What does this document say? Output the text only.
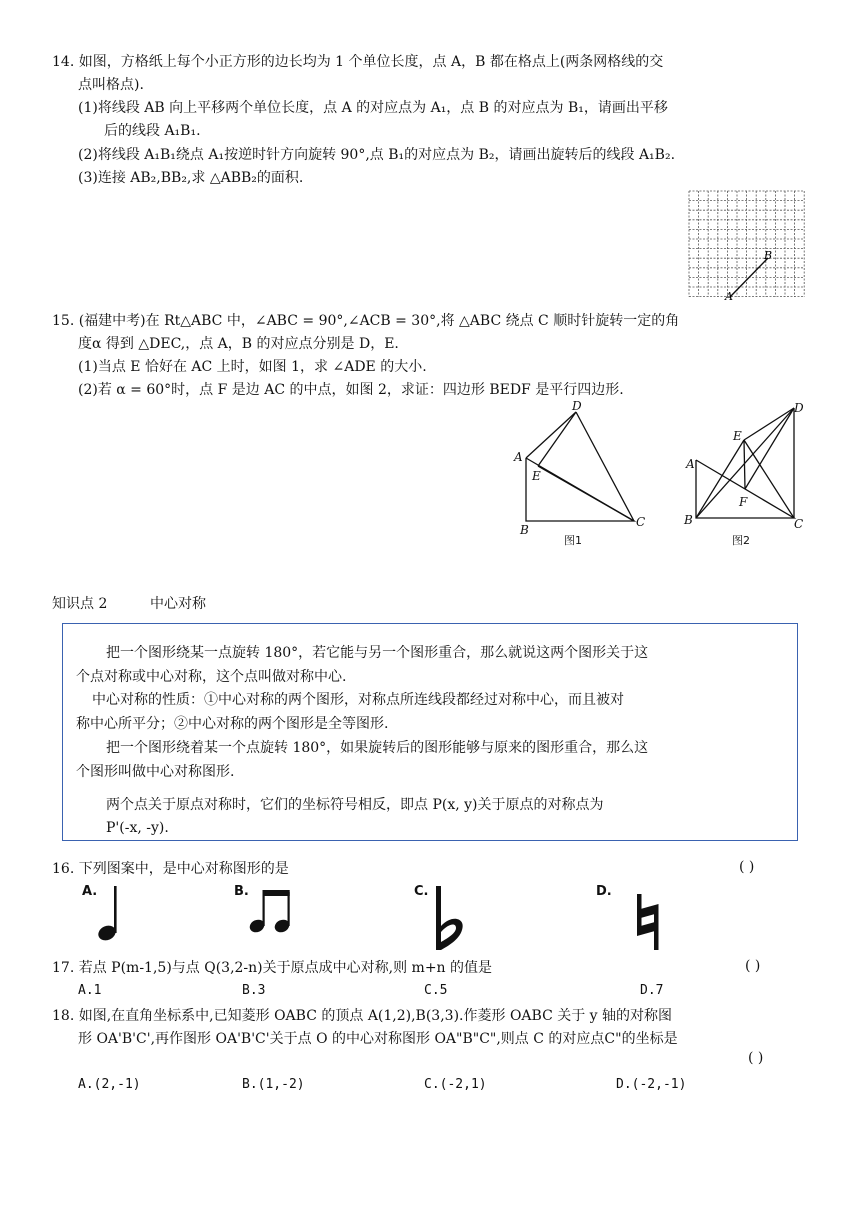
14. 如图，方格纸上每个小正方形的边长均为 1 个单位长度，点 A，B 都在格点上(两条网格线的交
点叫格点).
(1)将线段 AB 向上平移两个单位长度，点 A 的对应点为 A₁，点 B 的对应点为 B₁，请画出平移
后的线段 A₁B₁.
(2)将线段 A₁B₁绕点 A₁按逆时针方向旋转 90°,点 B₁的对应点为 B₂，请画出旋转后的线段 A₁B₂.
(3)连接 AB₂,BB₂,求 △ABB₂的面积.
A
B
15. (福建中考)在 Rt△ABC 中，∠ABC = 90°,∠ACB = 30°,将 △ABC 绕点 C 顺时针旋转一定的角
度α 得到 △DEC,，点 A，B 的对应点分别是 D，E.
(1)当点 E 恰好在 AC 上时，如图 1，求 ∠ADE 的大小.
(2)若 α = 60°时，点 F 是边 AC 的中点，如图 2，求证：四边形 BEDF 是平行四边形.
A
B
C
D
E
图1
A
B	C
D
E
F
图2
知识点 2	中心对称
把一个图形绕某一点旋转 180°，若它能与另一个图形重合，那么就说这两个图形关于这
个点对称或中心对称，这个点叫做对称中心.
中心对称的性质：①中心对称的两个图形，对称点所连线段都经过对称中心，而且被对
称中心所平分；②中心对称的两个图形是全等图形.
把一个图形绕着某一个点旋转 180°，如果旋转后的图形能够与原来的图形重合，那么这
个图形叫做中心对称图形.
两个点关于原点对称时，它们的坐标符号相反，即点 P(x, y)关于原点的对称点为
P'(-x, -y).
16. 下列图案中，是中心对称图形的是	( )
A.	B.	C.	D.
17. 若点 P(m-1,5)与点 Q(3,2-n)关于原点成中心对称,则 m+n 的值是	( )
A.1	B.3	C.5	D.7
18. 如图,在直角坐标系中,已知菱形 OABC 的顶点 A(1,2),B(3,3).作菱形 OABC 关于 y 轴的对称图
形 OA'B'C',再作图形 OA'B'C'关于点 O 的中心对称图形 OA"B"C",则点 C 的对应点C"的坐标是
( )
A.(2,-1)	B.(1,-2)	C.(-2,1)	D.(-2,-1)
